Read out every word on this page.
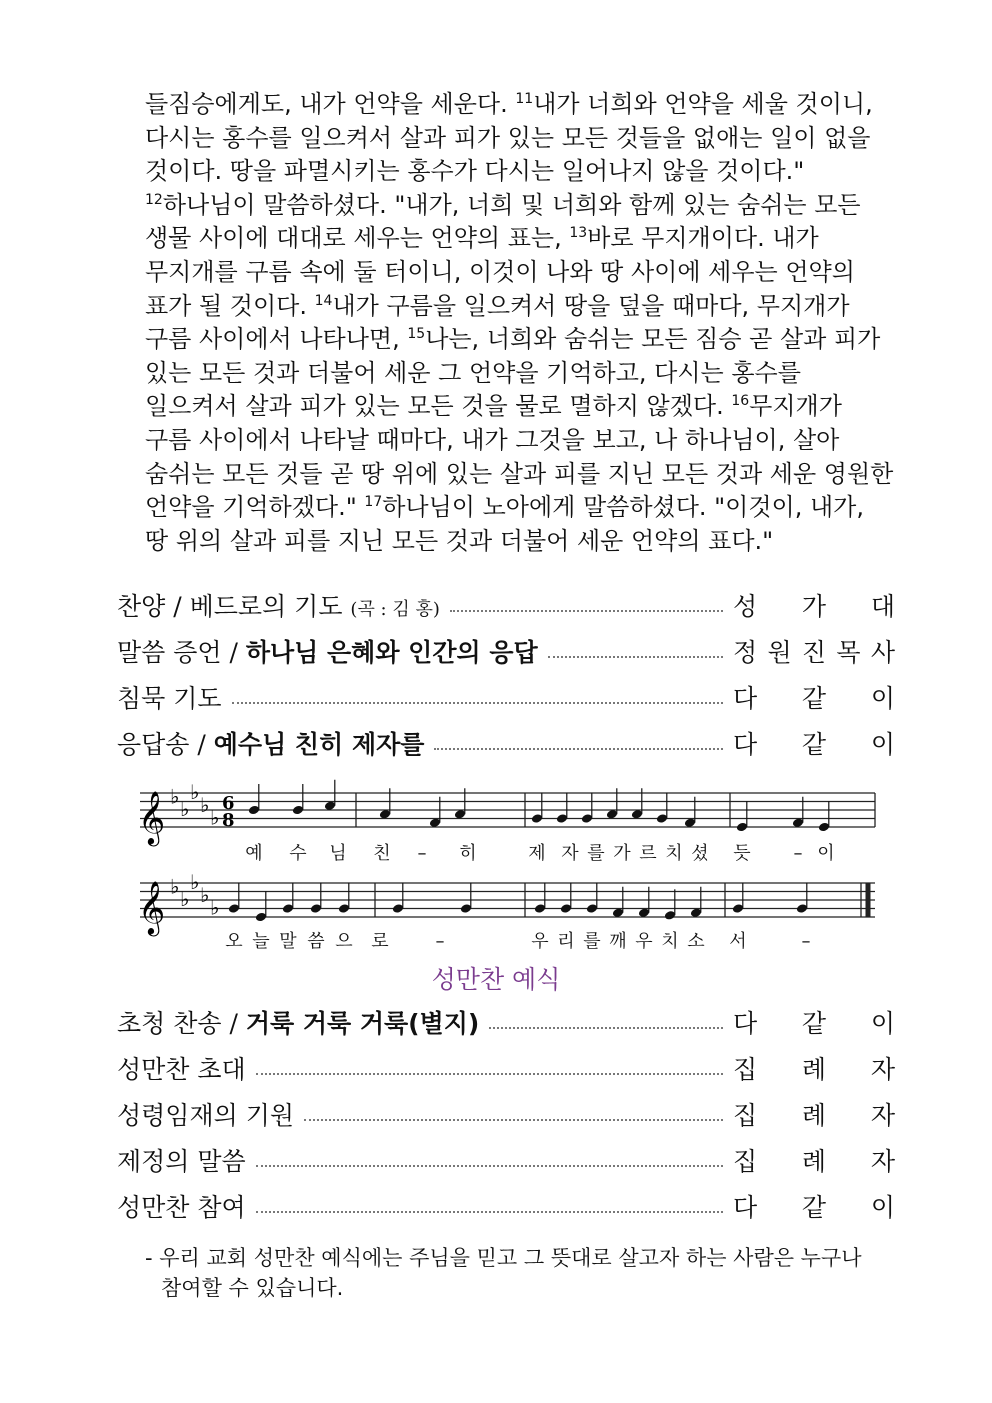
들짐승에게도, 내가 언약을 세운다. $^{11}$내가 너희와 언약을 세울 것이니,
다시는 홍수를 일으켜서 살과 피가 있는 모든 것들을 없애는 일이 없을
것이다. 땅을 파멸시키는 홍수가 다시는 일어나지 않을 것이다."
$^{12}$하나님이 말씀하셨다. "내가, 너희 및 너희와 함께 있는 숨쉬는 모든
생물 사이에 대대로 세우는 언약의 표는, $^{13}$바로 무지개이다. 내가
무지개를 구름 속에 둘 터이니, 이것이 나와 땅 사이에 세우는 언약의
표가 될 것이다. $^{14}$내가 구름을 일으켜서 땅을 덮을 때마다, 무지개가
구름 사이에서 나타나면, $^{15}$나는, 너희와 숨쉬는 모든 짐승 곧 살과 피가
있는 모든 것과 더불어 세운 그 언약을 기억하고, 다시는 홍수를
일으켜서 살과 피가 있는 모든 것을 물로 멸하지 않겠다. $^{16}$무지개가
구름 사이에서 나타날 때마다, 내가 그것을 보고, 나 하나님이, 살아
숨쉬는 모든 것들 곧 땅 위에 있는 살과 피를 지닌 모든 것과 세운 영원한
언약을 기억하겠다." $^{17}$하나님이 노아에게 말씀하셨다. "이것이, 내가,
땅 위의 살과 피를 지닌 모든 것과 더불어 세운 언약의 표다."
찬양 / 베드로의 기도 (곡 : 김 홍)	성 가 대
말씀 증언 / 하나님 은혜와 인간의 응답	정 원 진 목 사
침묵 기도	다 같 이
응답송 / 예수님 친히 제자를	다 같 이
𝄞 ♭
♭
♭
♭
♭
예 수 님 친 – 히	제 자 를 가 르 치 셨 듯 – 이
𝄞 ♭
♭
♭
♭
♭
오 늘 말 씀 으 로	–	우 리 를 깨 우 치 소 서	–
6
8
성만찬 예식
초청 찬송 / 거룩 거룩 거룩(별지)	다 같 이
성만찬 초대	집 례 자
성령임재의 기원	집 례 자
제정의 말씀	집 례 자
성만찬 참여	다 같 이
- 우리 교회 성만찬 예식에는 주님을 믿고 그 뜻대로 살고자 하는 사람은 누구나
참여할 수 있습니다.
